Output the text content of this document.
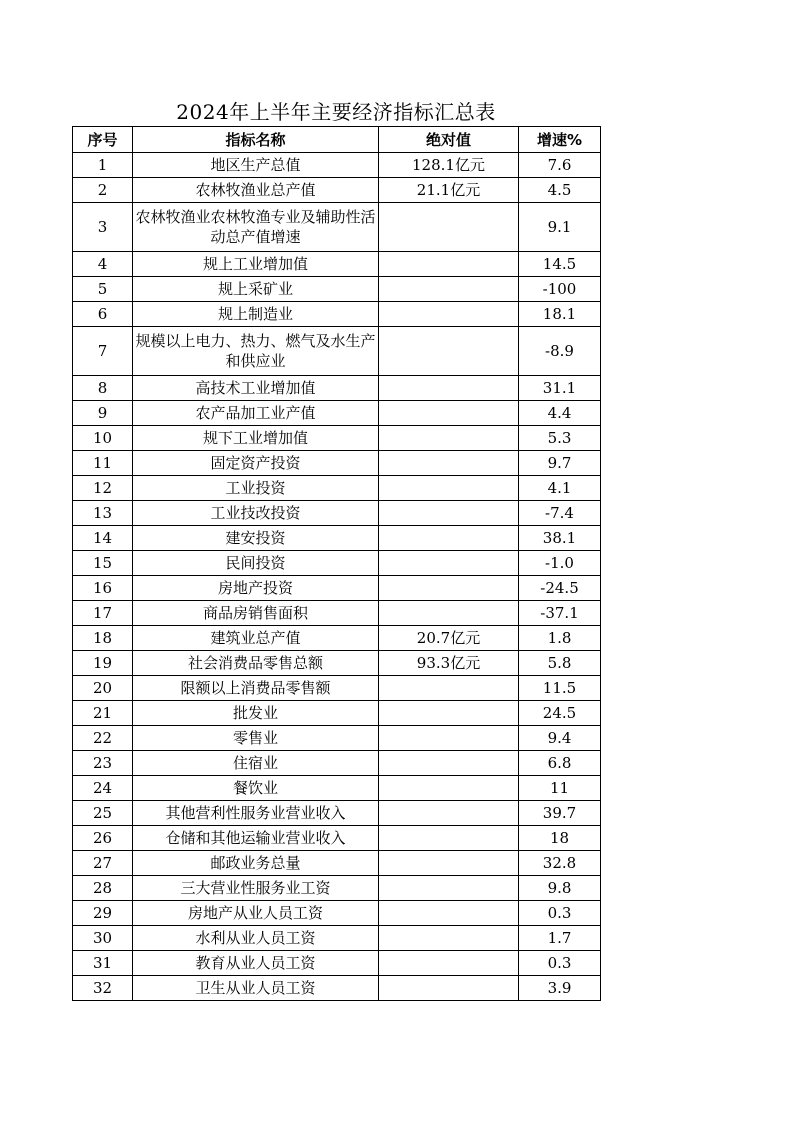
2024年上半年主要经济指标汇总表
序号	指标名称	绝对值	增速%
1	地区生产总值	128.1亿元	7.6
2	农林牧渔业总产值	21.1亿元	4.5
3	农林牧渔业农林牧渔专业及辅助性活动总产值增速		9.1
4	规上工业增加值		14.5
5	规上采矿业		-100
6	规上制造业		18.1
7	规模以上电力、热力、燃气及水生产和供应业		-8.9
8	高技术工业增加值		31.1
9	农产品加工业产值		4.4
10	规下工业增加值		5.3
11	固定资产投资		9.7
12	工业投资		4.1
13	工业技改投资		-7.4
14	建安投资		38.1
15	民间投资		-1.0
16	房地产投资		-24.5
17	商品房销售面积		-37.1
18	建筑业总产值	20.7亿元	1.8
19	社会消费品零售总额	93.3亿元	5.8
20	限额以上消费品零售额		11.5
21	批发业		24.5
22	零售业		9.4
23	住宿业		6.8
24	餐饮业		11
25	其他营利性服务业营业收入		39.7
26	仓储和其他运输业营业收入		18
27	邮政业务总量		32.8
28	三大营业性服务业工资		9.8
29	房地产从业人员工资		0.3
30	水利从业人员工资		1.7
31	教育从业人员工资		0.3
32	卫生从业人员工资		3.9
